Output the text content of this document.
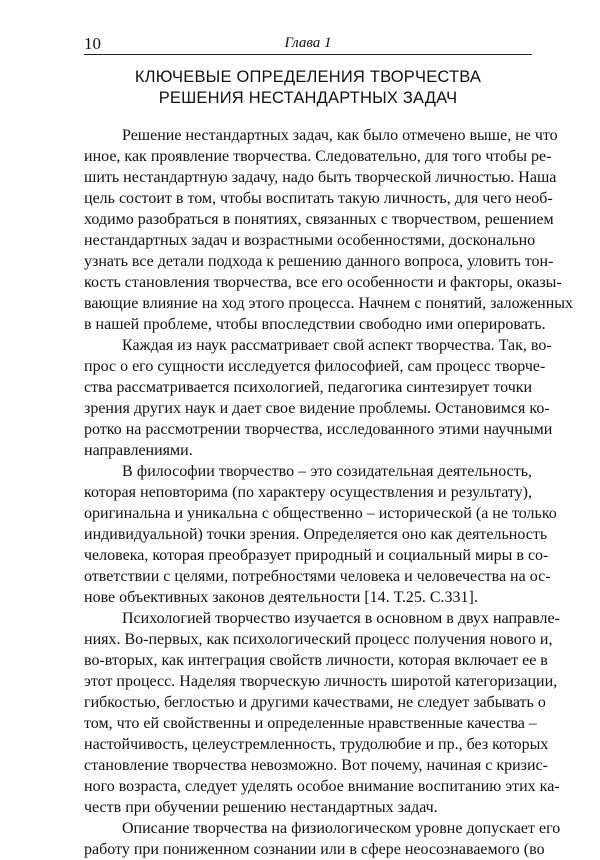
10	Глава 1
КЛЮЧЕВЫЕ ОПРЕДЕЛЕНИЯ ТВОРЧЕСТВА
РЕШЕНИЯ НЕСТАНДАРТНЫХ ЗАДАЧ
Решение нестандартных задач, как было отмечено выше, не что
иное, как проявление творчества. Следовательно, для того чтобы ре-
шить нестандартную задачу, надо быть творческой личностью. Наша
цель состоит в том, чтобы воспитать такую личность, для чего необ-
ходимо разобраться в понятиях, связанных с творчеством, решением
нестандартных задач и возрастными особенностями, досконально
узнать все детали подхода к решению данного вопроса, уловить тон-
кость становления творчества, все его особенности и факторы, оказы-
вающие влияние на ход этого процесса. Начнем с понятий, заложенных
в нашей проблеме, чтобы впоследствии свободно ими оперировать.
Каждая из наук рассматривает свой аспект творчества. Так, во-
прос о его сущности исследуется философией, сам процесс творче-
ства рассматривается психологией, педагогика синтезирует точки
зрения других наук и дает свое видение проблемы. Остановимся ко-
ротко на рассмотрении творчества, исследованного этими научными
направлениями.
В философии творчество – это созидательная деятельность,
которая неповторима (по характеру осуществления и результату),
оригинальна и уникальна с общественно – исторической (а не только
индивидуальной) точки зрения. Определяется оно как деятельность
человека, которая преобразует природный и социальный миры в со-
ответствии с целями, потребностями человека и человечества на ос-
нове объективных законов деятельности [14. Т.25. С.331].
Психологией творчество изучается в основном в двух направле-
ниях. Во-первых, как психологический процесс получения нового и,
во-вторых, как интеграция свойств личности, которая включает ее в
этот процесс. Наделяя творческую личность широтой категоризации,
гибкостью, беглостью и другими качествами, не следует забывать о
том, что ей свойственны и определенные нравственные качества –
настойчивость, целеустремленность, трудолюбие и пр., без которых
становление творчества невозможно. Вот почему, начиная с кризис-
ного возраста, следует уделять особое внимание воспитанию этих ка-
честв при обучении решению нестандартных задач.
Описание творчества на физиологическом уровне допускает его
работу при пониженном сознании или в сфере неосознаваемого (во
